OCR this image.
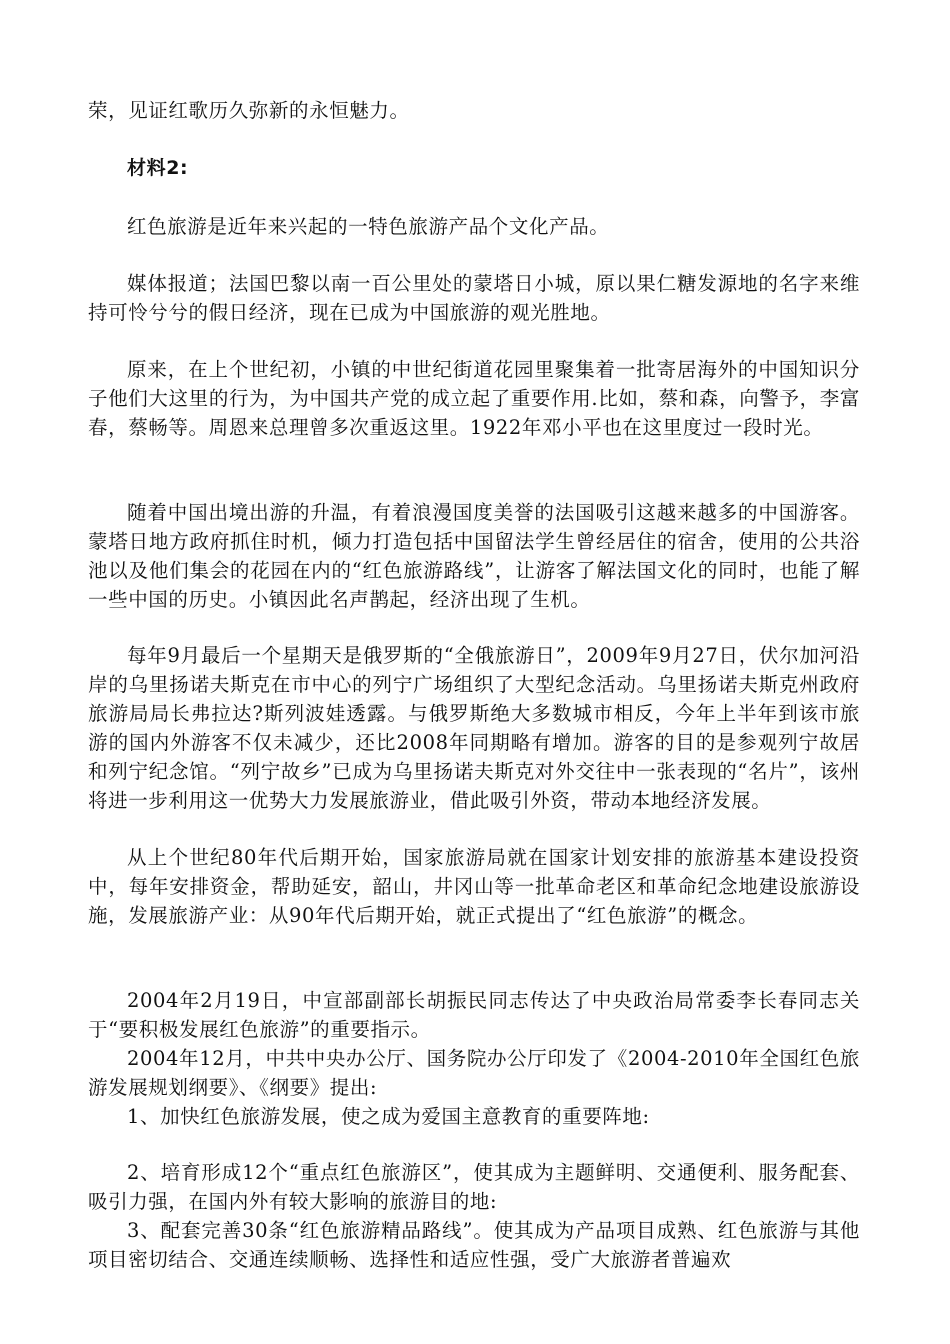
荣，见证红歌历久弥新的永恒魅力。

材料2:

红色旅游是近年来兴起的一特色旅游产品个文化产品。

媒体报道；法国巴黎以南一百公里处的蒙塔日小城，原以果仁糖发源地的名字来维持可怜兮兮的假日经济，现在已成为中国旅游的观光胜地。

原来，在上个世纪初，小镇的中世纪街道花园里聚集着一批寄居海外的中国知识分子他们大这里的行为，为中国共产党的成立起了重要作用.比如，蔡和森，向警予，李富春，蔡畅等。周恩来总理曾多次重返这里。1922年邓小平也在这里度过一段时光。

随着中国出境出游的升温，有着浪漫国度美誉的法国吸引这越来越多的中国游客。蒙塔日地方政府抓住时机，倾力打造包括中国留法学生曾经居住的宿舍，使用的公共浴池以及他们集会的花园在内的“红色旅游路线”，让游客了解法国文化的同时，也能了解一些中国的历史。小镇因此名声鹊起，经济出现了生机。

每年9月最后一个星期天是俄罗斯的“全俄旅游日”，2009年9月27日，伏尔加河沿岸的乌里扬诺夫斯克在市中心的列宁广场组织了大型纪念活动。乌里扬诺夫斯克州政府旅游局局长弗拉达?斯列波娃透露。与俄罗斯绝大多数城市相反，今年上半年到该市旅游的国内外游客不仅未减少，还比2008年同期略有增加。游客的目的是参观列宁故居和列宁纪念馆。“列宁故乡”已成为乌里扬诺夫斯克对外交往中一张表现的“名片”，该州将进一步利用这一优势大力发展旅游业，借此吸引外资，带动本地经济发展。

从上个世纪80年代后期开始，国家旅游局就在国家计划安排的旅游基本建设投资中，每年安排资金，帮助延安，韶山，井冈山等一批革命老区和革命纪念地建设旅游设施，发展旅游产业：从90年代后期开始，就正式提出了“红色旅游”的概念。

2004年2月19日，中宣部副部长胡振民同志传达了中央政治局常委李长春同志关于“要积极发展红色旅游”的重要指示。

2004年12月，中共中央办公厅、国务院办公厅印发了《2004-2010年全国红色旅游发展规划纲要》、《纲要》提出:

1、加快红色旅游发展，使之成为爱国主意教育的重要阵地:

2、培育形成12个“重点红色旅游区”，使其成为主题鲜明、交通便利、服务配套、吸引力强，在国内外有较大影响的旅游目的地:

3、配套完善30条“红色旅游精品路线”。使其成为产品项目成熟、红色旅游与其他项目密切结合、交通连续顺畅、选择性和适应性强，受广大旅游者普遍欢
